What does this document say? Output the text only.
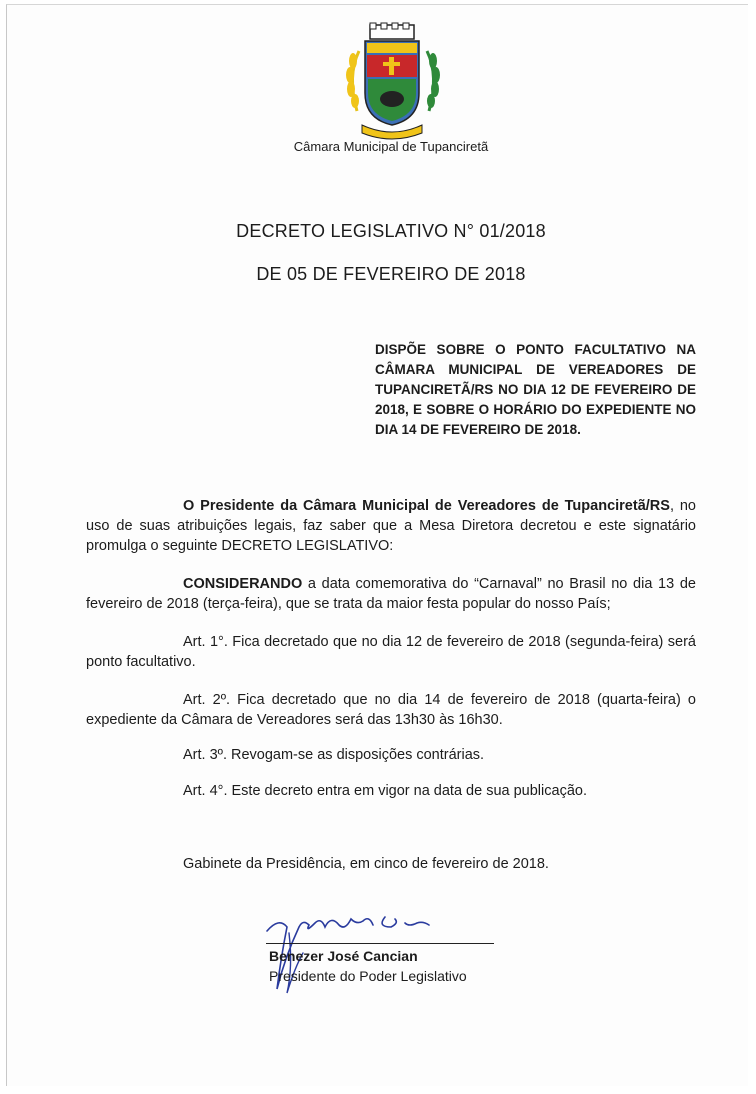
Câmara Municipal de Tupanciretã
DECRETO LEGISLATIVO N° 01/2018
DE 05 DE FEVEREIRO DE 2018
DISPÕE SOBRE O PONTO FACULTATIVO NA CÂMARA MUNICIPAL DE VEREADORES DE TUPANCIRETÃ/RS NO DIA 12 DE FEVEREIRO DE 2018, E SOBRE O HORÁRIO DO EXPEDIENTE NO DIA 14 DE FEVEREIRO DE 2018.
O Presidente da Câmara Municipal de Vereadores de Tupanciretã/RS, no uso de suas atribuições legais, faz saber que a Mesa Diretora decretou e este signatário promulga o seguinte DECRETO LEGISLATIVO:
CONSIDERANDO a data comemorativa do “Carnaval” no Brasil no dia 13 de fevereiro de 2018 (terça-feira), que se trata da maior festa popular do nosso País;
Art. 1°. Fica decretado que no dia 12 de fevereiro de 2018 (segunda-feira) será ponto facultativo.
Art. 2º. Fica decretado que no dia 14 de fevereiro de 2018 (quarta-feira) o expediente da Câmara de Vereadores será das 13h30 às 16h30.
Art. 3º. Revogam-se as disposições contrárias.
Art. 4°. Este decreto entra em vigor na data de sua publicação.
Gabinete da Presidência, em cinco de fevereiro de 2018.
Benezer José Cancian
Presidente do Poder Legislativo
